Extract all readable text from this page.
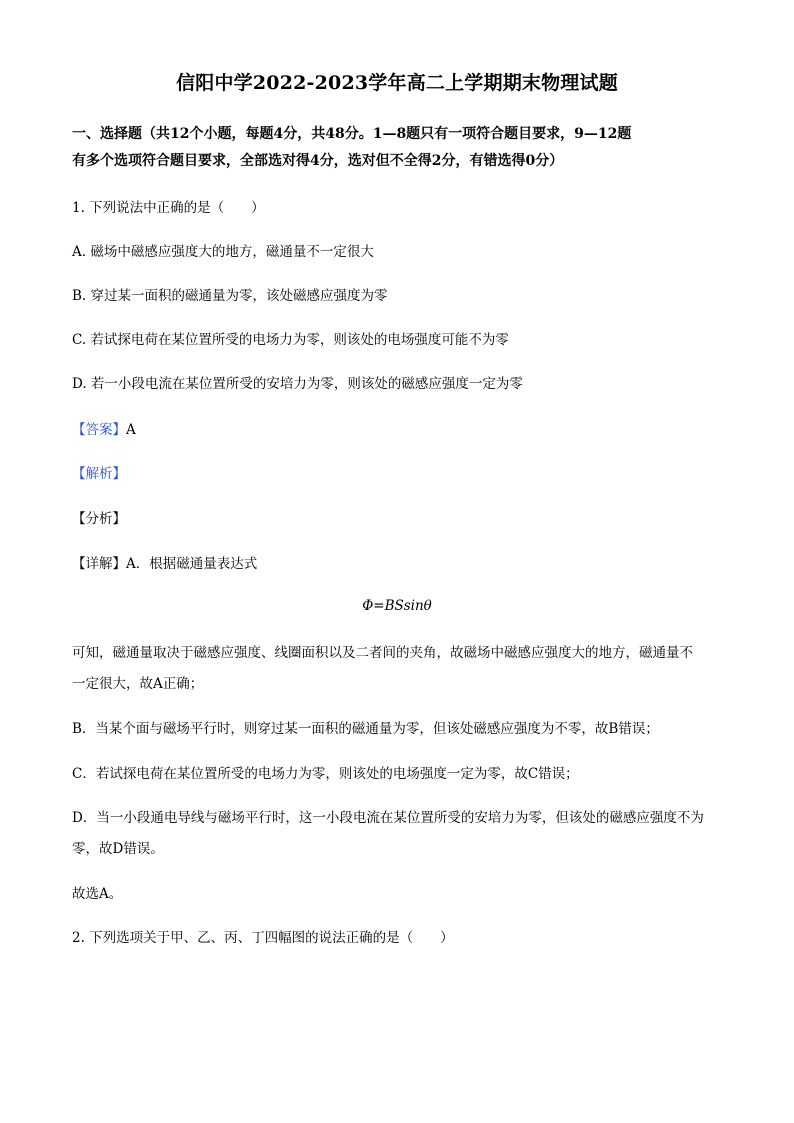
信阳中学2022-2023学年高二上学期期末物理试题
一、选择题（共12个小题，每题4分，共48分。1—8题只有一项符合题目要求，9—12题
有多个选项符合题目要求，全部选对得4分，选对但不全得2分，有错选得0分）
1. 下列说法中正确的是（　　）
A. 磁场中磁感应强度大的地方，磁通量不一定很大
B. 穿过某一面积的磁通量为零，该处磁感应强度为零
C. 若试探电荷在某位置所受的电场力为零，则该处的电场强度可能不为零
D. 若一小段电流在某位置所受的安培力为零，则该处的磁感应强度一定为零
【答案】A
【解析】
【分析】
【详解】A．根据磁通量表达式
Φ=BSsinθ
可知，磁通量取决于磁感应强度、线圈面积以及二者间的夹角，故磁场中磁感应强度大的地方，磁通量不
一定很大，故A正确；
B．当某个面与磁场平行时，则穿过某一面积的磁通量为零，但该处磁感应强度为不零，故B错误；
C．若试探电荷在某位置所受的电场力为零，则该处的电场强度一定为零，故C错误；
D．当一小段通电导线与磁场平行时，这一小段电流在某位置所受的安培力为零，但该处的磁感应强度不为
零，故D错误。
故选A。
2. 下列选项关于甲、乙、丙、丁四幅图的说法正确的是（　　）
